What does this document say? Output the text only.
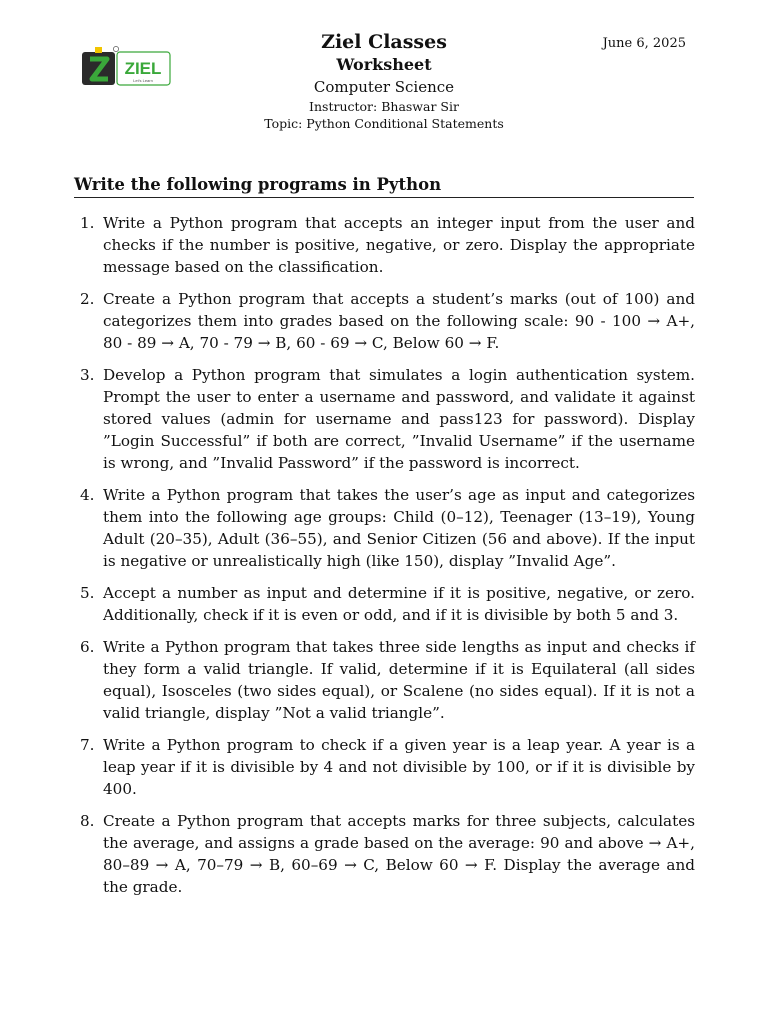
ZIEL
Let's Learn
Ziel Classes
Worksheet
Computer Science
Instructor: Bhaswar Sir
Topic: Python Conditional Statements
June 6, 2025
Write the following programs in Python
1. Write a Python program that accepts an integer input from the user and checks if the number is positive, negative, or zero. Display the appropriate message based on the classification.
2. Create a Python program that accepts a student’s marks (out of 100) and categorizes them into grades based on the following scale: 90 - 100 → A+, 80 - 89 → A, 70 - 79 → B, 60 - 69 → C, Below 60 → F.
3. Develop a Python program that simulates a login authentication system. Prompt the user to enter a username and password, and validate it against stored values (admin for username and pass123 for password). Display ”Login Successful” if both are correct, ”Invalid Username” if the username is wrong, and ”Invalid Password” if the password is incorrect.
4. Write a Python program that takes the user’s age as input and categorizes them into the following age groups: Child (0–12), Teenager (13–19), Young Adult (20–35), Adult (36–55), and Senior Citizen (56 and above). If the input is negative or unrealistically high (like 150), display ”Invalid Age”.
5. Accept a number as input and determine if it is positive, negative, or zero. Additionally, check if it is even or odd, and if it is divisible by both 5 and 3.
6. Write a Python program that takes three side lengths as input and checks if they form a valid triangle. If valid, determine if it is Equilateral (all sides equal), Isosceles (two sides equal), or Scalene (no sides equal). If it is not a valid triangle, display ”Not a valid triangle”.
7. Write a Python program to check if a given year is a leap year. A year is a leap year if it is divisible by 4 and not divisible by 100, or if it is divisible by 400.
8. Create a Python program that accepts marks for three subjects, calculates the average, and assigns a grade based on the average: 90 and above → A+, 80–89 → A, 70–79 → B, 60–69 → C, Below 60 → F. Display the average and the grade.
